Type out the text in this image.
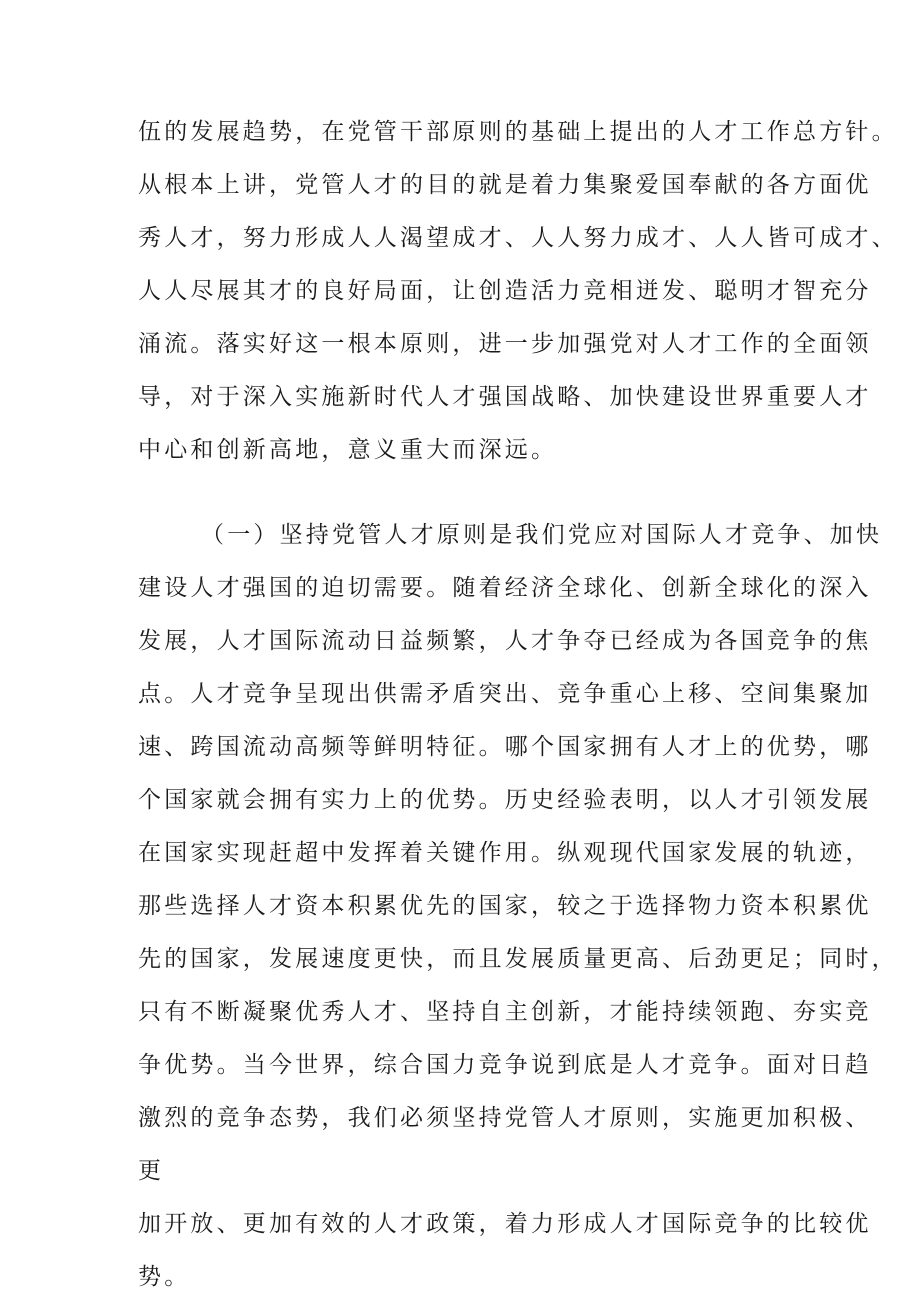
伍的发展趋势，在党管干部原则的基础上提出的人才工作总方针。
从根本上讲，党管人才的目的就是着力集聚爱国奉献的各方面优
秀人才，努力形成人人渴望成才、人人努力成才、人人皆可成才、
人人尽展其才的良好局面，让创造活力竞相迸发、聪明才智充分
涌流。落实好这一根本原则，进一步加强党对人才工作的全面领
导，对于深入实施新时代人才强国战略、加快建设世界重要人才
中心和创新高地，意义重大而深远。
（一）坚持党管人才原则是我们党应对国际人才竞争、加快
建设人才强国的迫切需要。随着经济全球化、创新全球化的深入
发展，人才国际流动日益频繁，人才争夺已经成为各国竞争的焦
点。人才竞争呈现出供需矛盾突出、竞争重心上移、空间集聚加
速、跨国流动高频等鲜明特征。哪个国家拥有人才上的优势，哪
个国家就会拥有实力上的优势。历史经验表明，以人才引领发展
在国家实现赶超中发挥着关键作用。纵观现代国家发展的轨迹，
那些选择人才资本积累优先的国家，较之于选择物力资本积累优
先的国家，发展速度更快，而且发展质量更高、后劲更足；同时，
只有不断凝聚优秀人才、坚持自主创新，才能持续领跑、夯实竞
争优势。当今世界，综合国力竞争说到底是人才竞争。面对日趋
激烈的竞争态势，我们必须坚持党管人才原则，实施更加积极、
更
加开放、更加有效的人才政策，着力形成人才国际竞争的比较优
势。
